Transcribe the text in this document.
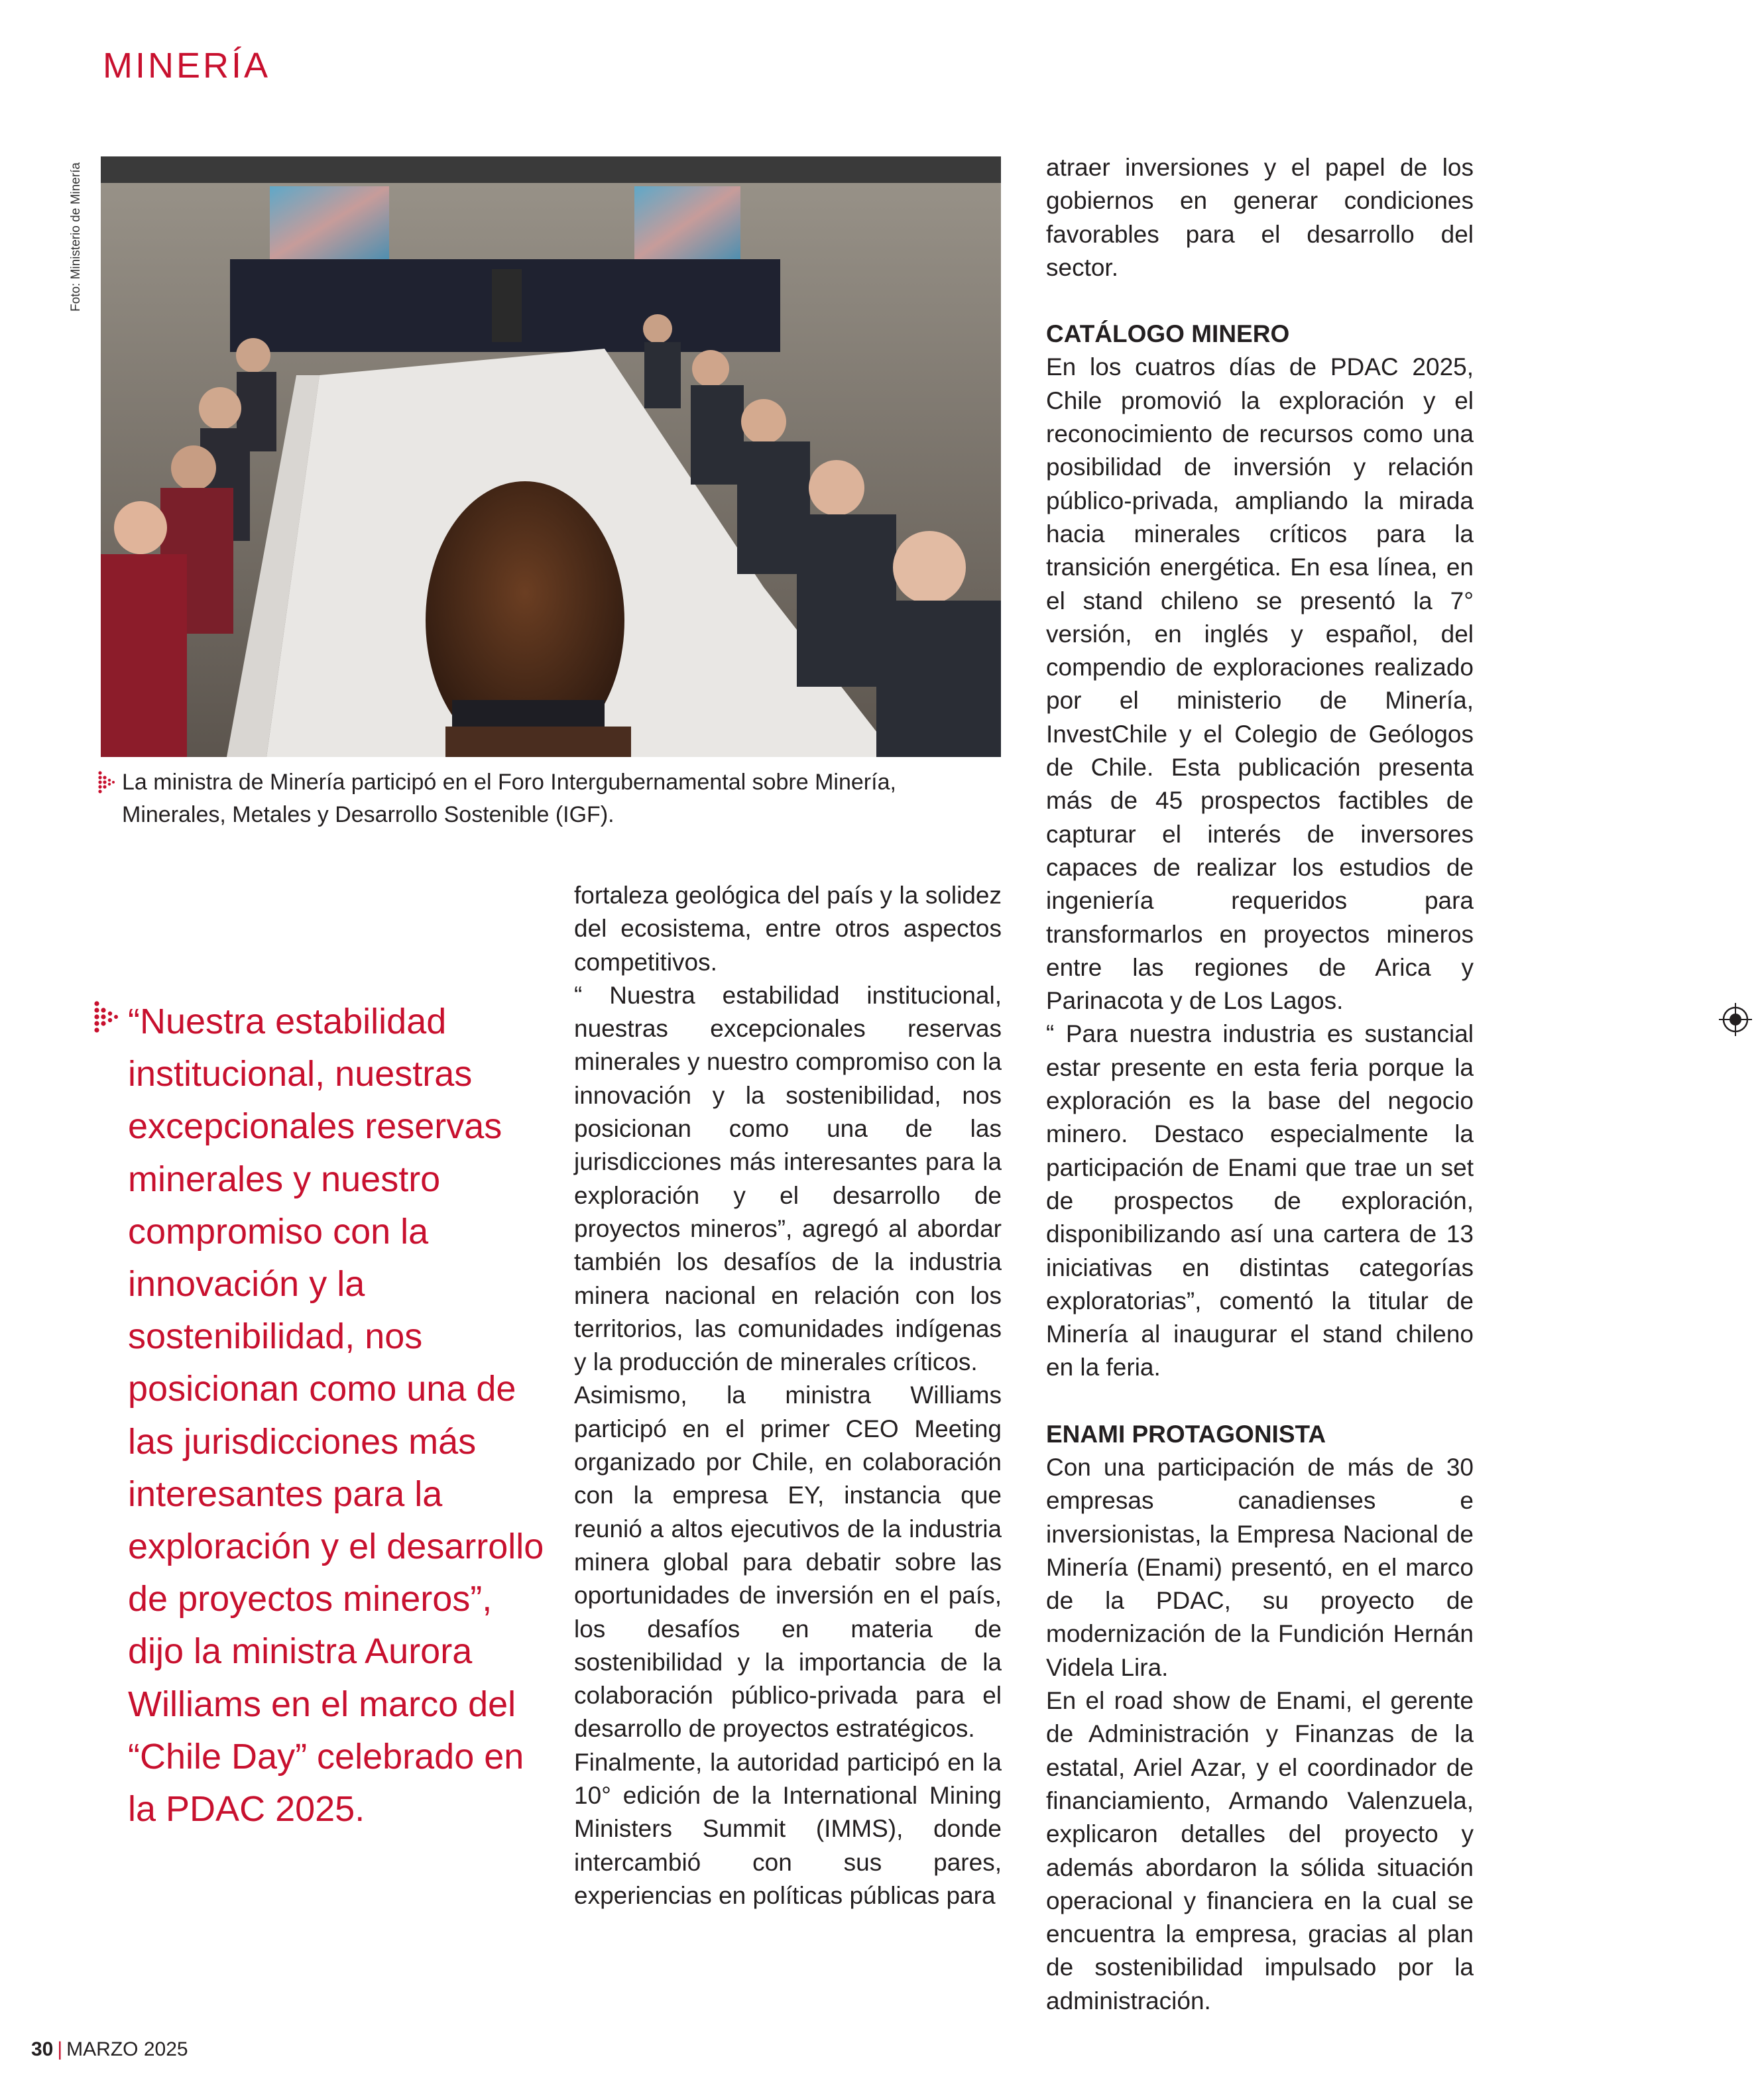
MINERÍA
Foto: Ministerio de Minería
La ministra de Minería participó en el Foro Intergubernamental sobre Minería, Minerales, Metales y Desarrollo Sostenible (IGF).
“Nuestra estabilidad institucional, nuestras excepcionales reservas minerales y nuestro compromiso con la innovación y la sostenibilidad, nos posicionan como una de las jurisdicciones más interesantes para la exploración y el desarrollo de proyectos mineros”, dijo la ministra Aurora Williams en el marco del “Chile Day” celebrado en la PDAC 2025.

fortaleza geológica del país y la solidez del ecosistema, entre otros aspectos competitivos.

“ Nuestra estabilidad institucional, nuestras excepcionales reservas minerales y nuestro compromiso con la innovación y la sostenibilidad, nos posicionan como una de las jurisdicciones más interesantes para la exploración y el desarrollo de proyectos mineros”, agregó al abordar también los desafíos de la industria minera nacional en relación con los territorios, las comunidades indígenas y la producción de minerales críticos.

Asimismo, la ministra Williams participó en el primer CEO Meeting organizado por Chile, en colaboración con la empresa EY, instancia que reunió a altos ejecutivos de la industria minera global para debatir sobre las oportunidades de inversión en el país, los desafíos en materia de sostenibilidad y la importancia de la colaboración público-privada para el desarrollo de proyectos estratégicos.

Finalmente, la autoridad participó en la 10° edición de la International Mining Ministers Summit (IMMS), donde intercambió con sus pares, experiencias en políticas públicas para

atraer inversiones y el papel de los gobiernos en generar condiciones favorables para el desarrollo del sector.

CATÁLOGO MINERO

En los cuatros días de PDAC 2025, Chile promovió la exploración y el reconocimiento de recursos como una posibilidad de inversión y relación público-privada, ampliando la mirada hacia minerales críticos para la transición energética. En esa línea, en el stand chileno se presentó la 7° versión, en inglés y español, del compendio de exploraciones realizado por el ministerio de Minería, InvestChile y el Colegio de Geólogos de Chile. Esta publicación presenta más de 45 prospectos factibles de capturar el interés de inversores capaces de realizar los estudios de ingeniería requeridos para transformarlos en proyectos mineros entre las regiones de Arica y Parinacota y de Los Lagos.

“ Para nuestra industria es sustancial estar presente en esta feria porque la exploración es la base del negocio minero. Destaco especialmente la participación de Enami que trae un set de prospectos de exploración, disponibilizando así una cartera de 13 iniciativas en distintas categorías exploratorias”, comentó la titular de Minería al inaugurar el stand chileno en la feria.

ENAMI PROTAGONISTA

Con una participación de más de 30 empresas canadienses e inversionistas, la Empresa Nacional de Minería (Enami) presentó, en el marco de la PDAC, su proyecto de modernización de la Fundición Hernán Videla Lira.

En el road show de Enami, el gerente de Administración y Finanzas de la estatal, Ariel Azar, y el coordinador de financiamiento, Armando Valenzuela, explicaron detalles del proyecto y además abordaron la sólida situación operacional y financiera en la cual se encuentra la empresa, gracias al plan de sostenibilidad impulsado por la administración.

30 | MARZO 2025
